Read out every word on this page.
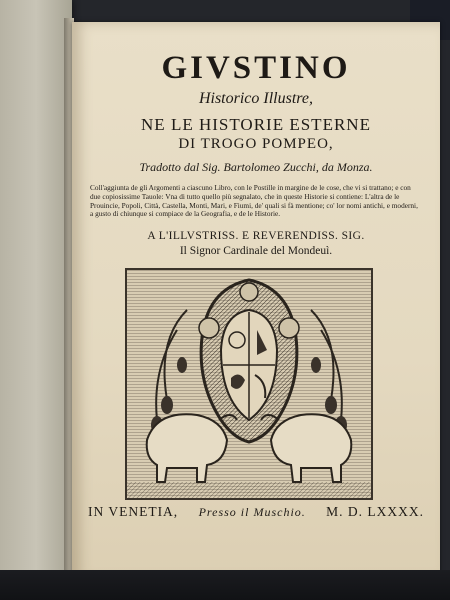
GIVSTINO
Historico Illustre,
NE LE HISTORIE ESTERNE
DI TROGO POMPEO,
Tradotto dal Sig. Bartolomeo Zucchi, da Monza.
Coll'aggiunta de gli Argomenti a ciascuno Libro, con le Postille in margine de le cose, che vi si trattano; e con due copiosissime Tauole: Vna di tutto quello più segnalato, che in queste Historie si contiene: L'altra de le Prouincie, Popoli, Città, Castella, Monti, Mari, e Fiumi, de' quali si fà mentione; co' lor nomi antichi, e moderni, a gusto di chiunque si compiace de la Geografia, e de le Historie.
A L'ILLVSTRISS. E REVERENDISS. SIG.
Il Signor Cardinale del Mondeuì.
IN VENETIA, Presso il Muschio. M. D. LXXXX.
